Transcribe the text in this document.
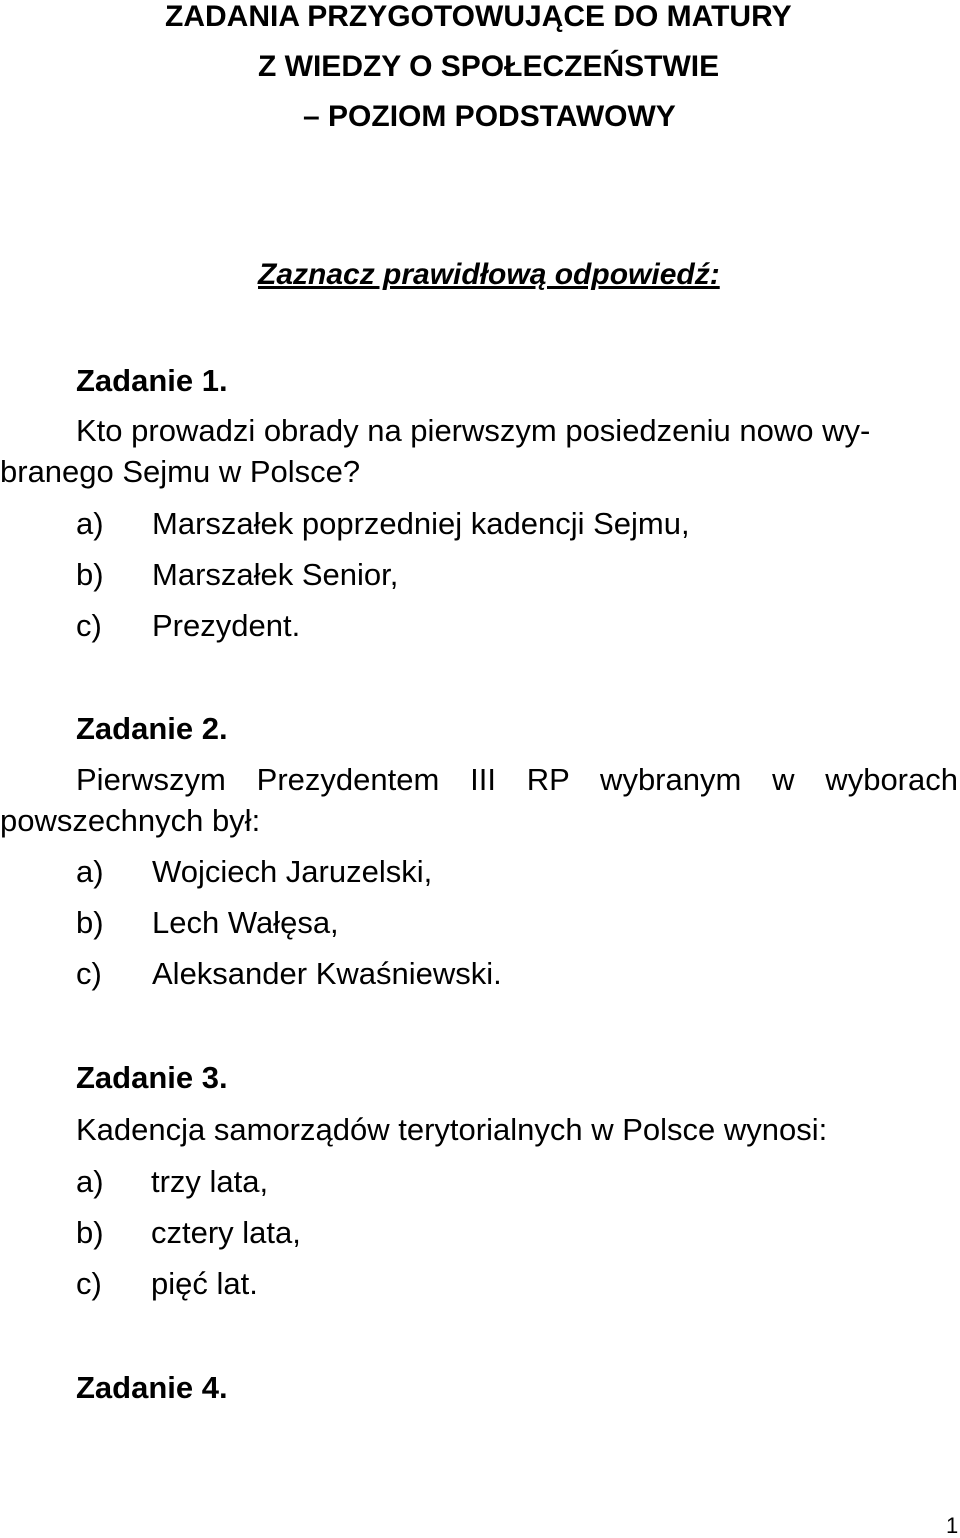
ZADANIA PRZYGOTOWUJĄCE DO MATURY
Z WIEDZY O SPOŁECZEŃSTWIE
– POZIOM PODSTAWOWY
Zaznacz prawidłową odpowiedź:
Zadanie 1.
Kto prowadzi obrady na pierwszym posiedzeniu nowo wy-
branego Sejmu w Polsce?
a) Marszałek poprzedniej kadencji Sejmu,
b) Marszałek Senior,
c) Prezydent.
Zadanie 2.
Pierwszym Prezydentem III RP wybranym w wyborach
powszechnych był:
a) Wojciech Jaruzelski,
b) Lech Wałęsa,
c) Aleksander Kwaśniewski.
Zadanie 3.
Kadencja samorządów terytorialnych w Polsce wynosi:
a) trzy lata,
b) cztery lata,
c) pięć lat.
Zadanie 4.
1
